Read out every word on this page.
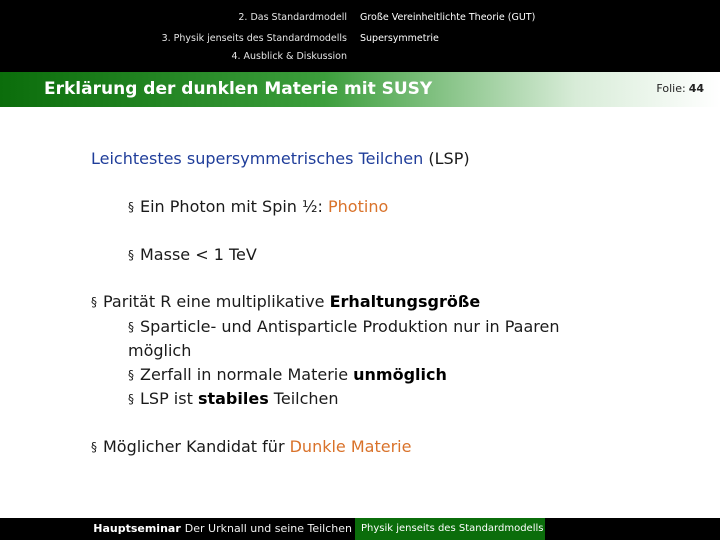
2. Das Standardmodell
3. Physik jenseits des Standardmodells
4. Ausblick & Diskussion
Große Vereinheitlichte Theorie (GUT)
Supersymmetrie
Erklärung der dunklen Materie mit SUSY	Folie: 44
Leichtestes supersymmetrisches Teilchen (LSP)
§ Ein Photon mit Spin ½: Photino
§ Masse < 1 TeV
§ Parität R eine multiplikative Erhaltungsgröße
§ Sparticle- und Antisparticle Produktion nur in Paaren
möglich
§ Zerfall in normale Materie unmöglich
§ LSP ist stabiles Teilchen
§ Möglicher Kandidat für Dunkle Materie
Hauptseminar Der Urknall und seine Teilchen Physik jenseits des Standardmodells
